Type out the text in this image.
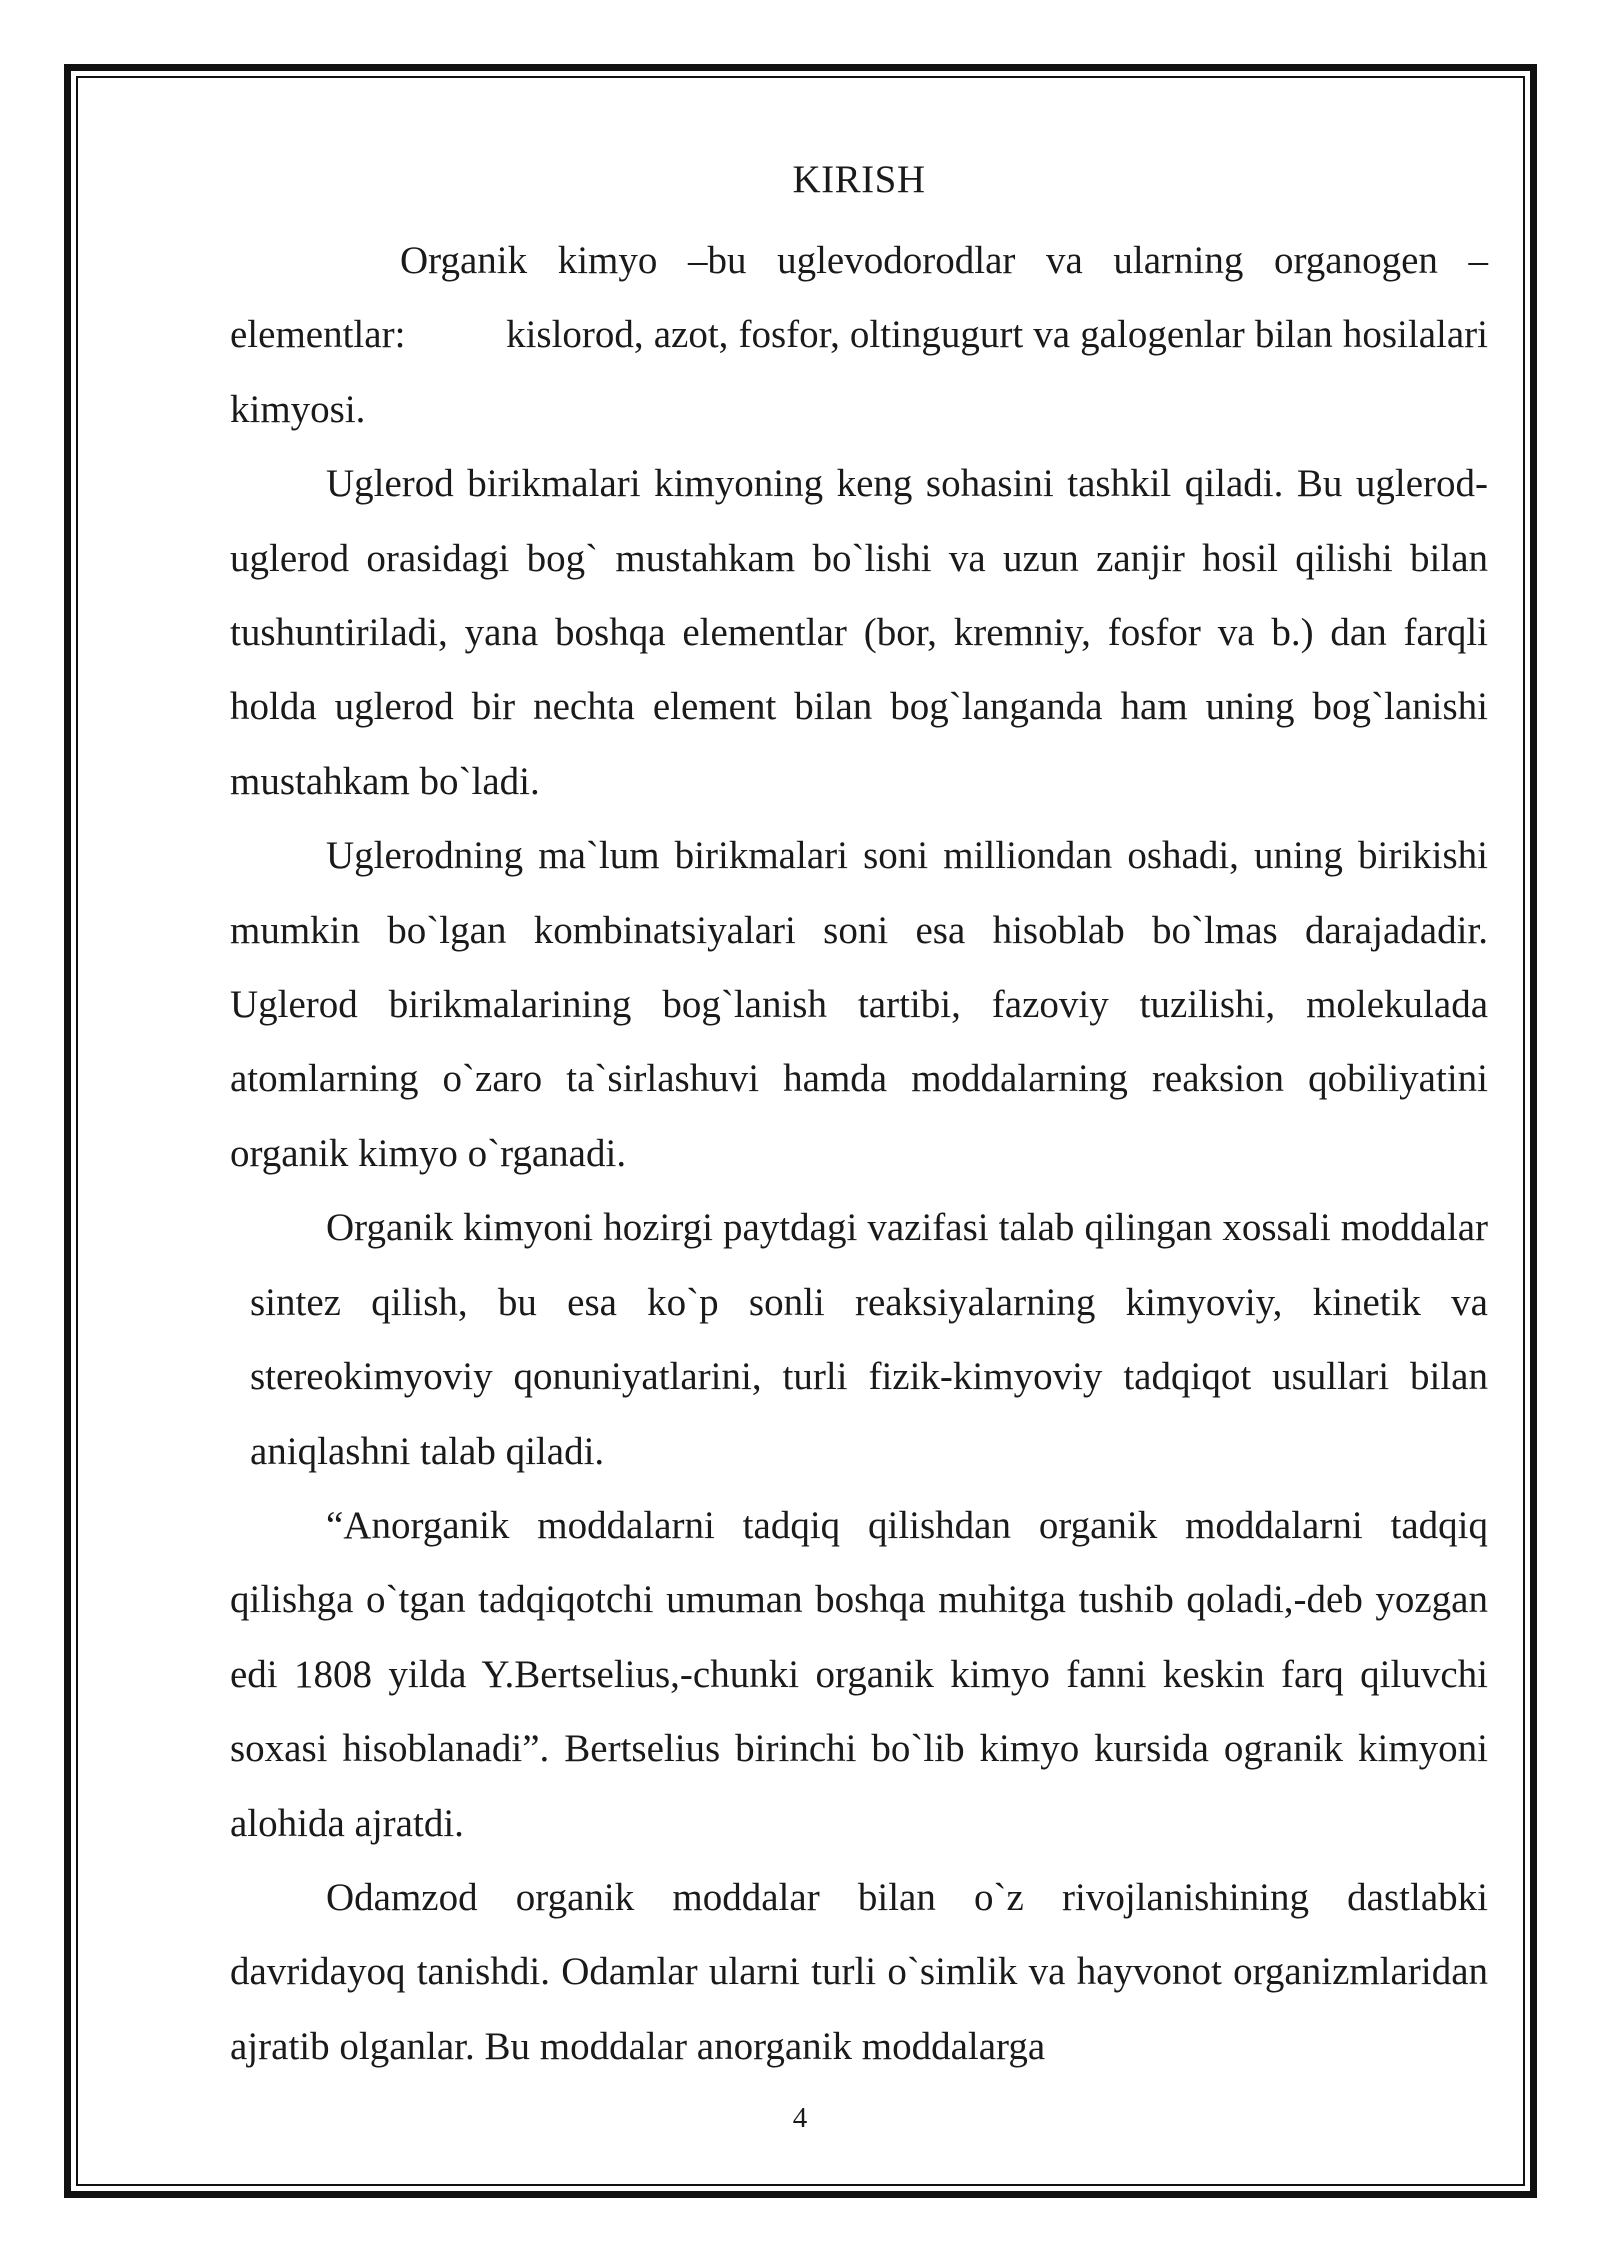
KIRISH

Organik kimyo –bu uglevodorodlar va ularning organogen – elementlar:          kislorod, azot, fosfor, oltingugurt va galogenlar bilan hosilalari kimyosi.

Uglerod birikmalari kimyoning keng sohasini tashkil qiladi. Bu uglerod-uglerod orasidagi bog` mustahkam bo`lishi va uzun zanjir hosil qilishi bilan tushuntiriladi, yana boshqa elementlar (bor, kremniy, fosfor va b.) dan farqli holda uglerod bir nechta element bilan bog`langanda ham uning bog`lanishi mustahkam bo`ladi.

Uglerodning ma`lum birikmalari soni milliondan oshadi, uning birikishi mumkin bo`lgan kombinatsiyalari soni esa hisoblab bo`lmas darajadadir. Uglerod birikmalarining bog`lanish tartibi, fazoviy tuzilishi, molekulada atomlarning o`zaro ta`sirlashuvi hamda moddalarning reaksion qobiliyatini organik kimyo o`rganadi.

Organik kimyoni hozirgi paytdagi vazifasi talab qilingan xossali moddalar sintez qilish, bu esa ko`p sonli reaksiyalarning kimyoviy, kinetik va stereokimyoviy qonuniyatlarini, turli fizik-kimyoviy tadqiqot usullari bilan aniqlashni talab qiladi.

“Anorganik moddalarni tadqiq qilishdan organik moddalarni tadqiq qilishga o`tgan tadqiqotchi umuman boshqa muhitga tushib qoladi,-deb yozgan edi 1808 yilda Y.Bertselius,-chunki organik kimyo fanni keskin farq qiluvchi soxasi hisoblanadi”. Bertselius birinchi bo`lib kimyo kursida ogranik kimyoni alohida ajratdi.

Odamzod organik moddalar bilan o`z rivojlanishining dastlabki davridayoq tanishdi. Odamlar ularni turli o`simlik va hayvonot organizmlaridan ajratib olganlar. Bu moddalar anorganik moddalarga

4
